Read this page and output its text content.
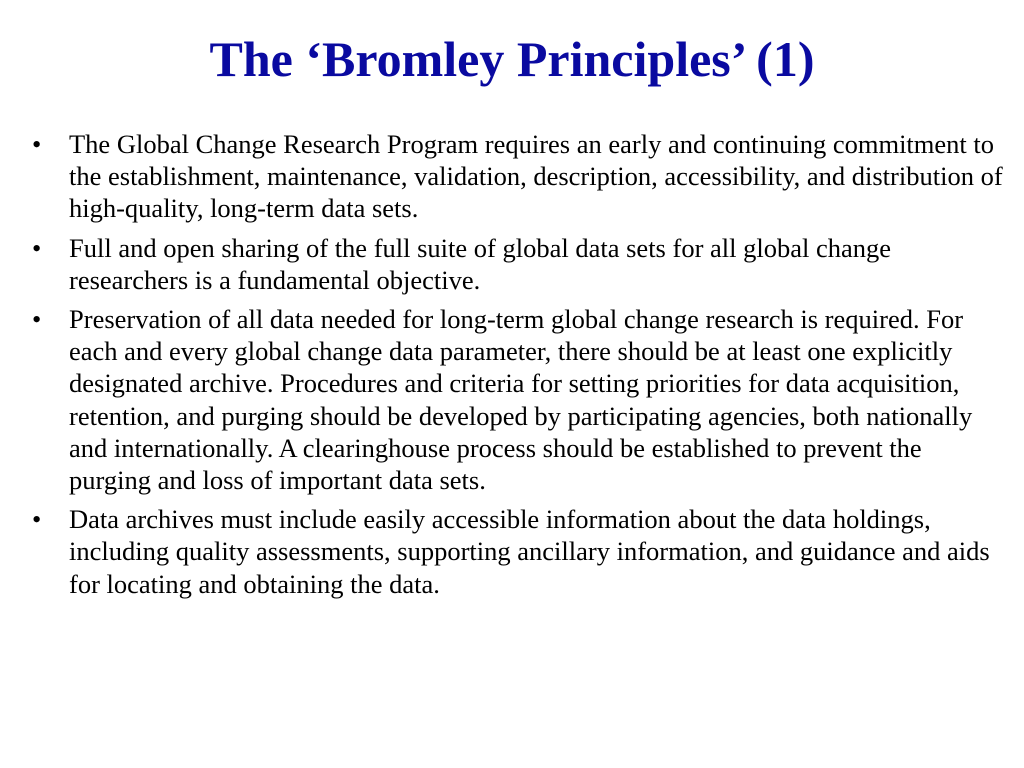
The ‘Bromley Principles’ (1)
•	The Global Change Research Program requires an early and continuing commitment to the establishment, maintenance, validation, description, accessibility, and distribution of high-quality, long-term data sets.
•	Full and open sharing of the full suite of global data sets for all global change researchers is a fundamental objective.
•	Preservation of all data needed for long-term global change research is required. For each and every global change data parameter, there should be at least one explicitly designated archive. Procedures and criteria for setting priorities for data acquisition, retention, and purging should be developed by participating agencies, both nationally and internationally. A clearinghouse process should be established to prevent the purging and loss of important data sets.
•	Data archives must include easily accessible information about the data holdings, including quality assessments, supporting ancillary information, and guidance and aids for locating and obtaining the data.
